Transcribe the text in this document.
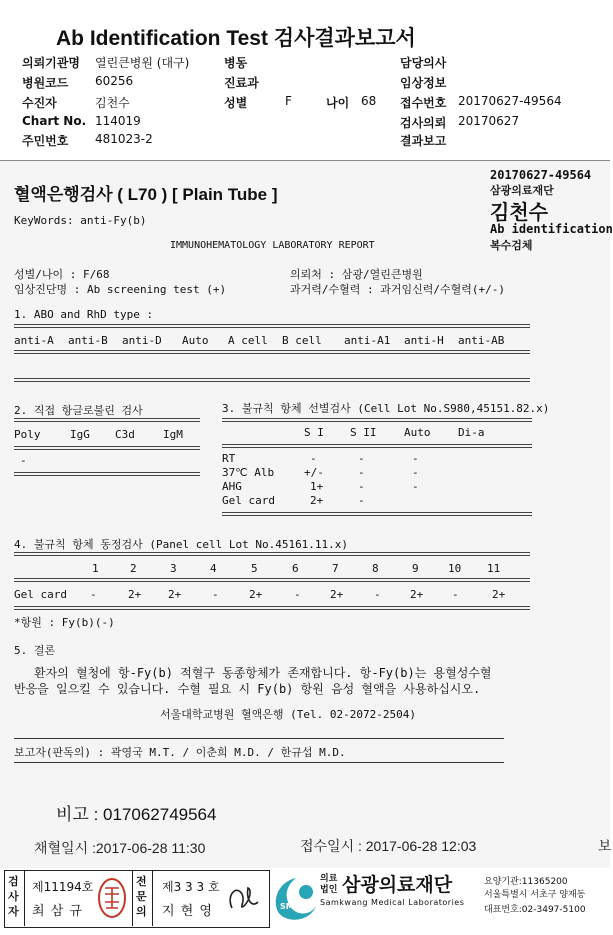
Ab Identification Test 검사결과보고서
의뢰기관명 열린큰병원 (대구)	병동	담당의사
병원코드 60256	진료과	임상정보
수진자	김천수	성별	F	나이 68 접수번호 20170627-49564
Chart No. 114019	검사의뢰 20170627
주민번호 481023-2	결과보고
혈액은행검사 ( L70 ) [ Plain Tube ]
20170627-49564
삼광의료재단
김천수
Ab identification
복수검체
KeyWords: anti-Fy(b)
IMMUNOHEMATOLOGY LABORATORY REPORT
성별/나이 : F/68	의뢰처 : 삼광/열린큰병원
임상진단명 : Ab screening test (+)	과거력/수혈력 : 과거임신력/수혈력(+/-)
1. ABO and RhD type :
anti-A anti-B anti-D Auto A cell B cell anti-A1 anti-H anti-AB
2. 직접 항글로불린 검사
Poly	IgG C3d	IgM
-
3. 불규칙 항체 선별검사 (Cell Lot No.S980,45151.82.x)
S I S II	Auto	Di-a
RT	-	-	-
37℃ Alb	+/-	-	-
AHG	1+	-	-
Gel card	2+	-
4. 불규칙 항체 동정검사 (Panel cell Lot No.45161.11.x)
1	2	3	4	5	6	7	8	9	10 11
Gel card -	2+ 2+	-	2+	-	2+	-	2+	-	2+
*항원 : Fy(b)(-)
5. 결론
환자의 혈청에 항-Fy(b) 적혈구 동종항체가 존재합니다. 항-Fy(b)는 용혈성수혈
반응을 일으킬 수 있습니다. 수혈 필요 시 Fy(b) 항원 음성 혈액을 사용하십시오.
서울대학교병원 혈액은행 (Tel. 02-2072-2504)
보고자(판독의) : 곽영국 M.T. / 이춘희 M.D. / 한규섭 M.D.
비고 : 017062749564
채혈일시 :2017-06-28 11:30	접수일시 : 2017-06-28 12:03	보
검사자
제11194호
최 삼 규
전문의
제3 3 3 호
지 현 영	SML
의료법인 삼광의료재단
Samkwang Medical Laboratories
요양기관:11365200
서울특별시 서초구 양재동
대표번호:02-3497-5100
